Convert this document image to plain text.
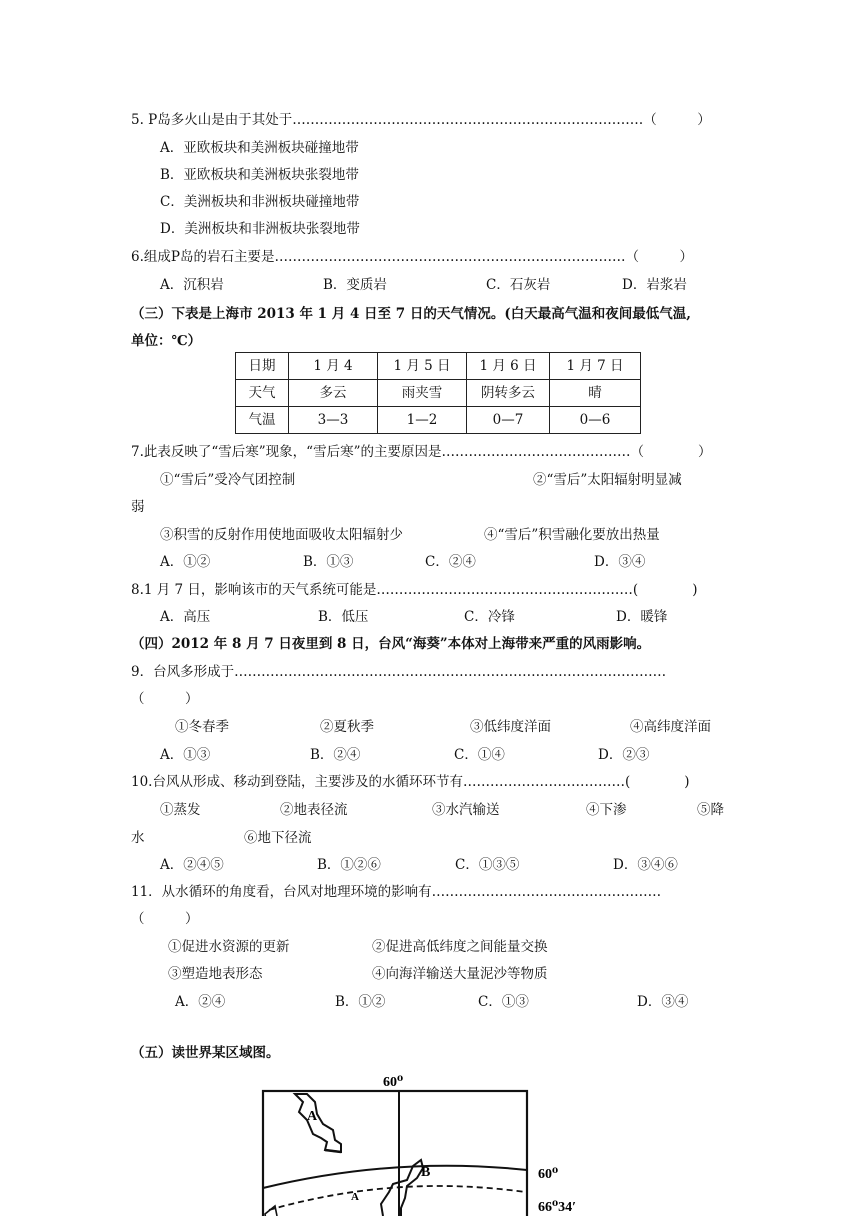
5. P岛多火山是由于其处于……………………………………………………………………（　　　）
A．亚欧板块和美洲板块碰撞地带
B．亚欧板块和美洲板块张裂地带
C．美洲板块和非洲板块碰撞地带
D．美洲板块和非洲板块张裂地带
6.组成P岛的岩石主要是……………………………………………………………………（　　　）
A．沉积岩	B．变质岩	C．石灰岩	D．岩浆岩
（三）下表是上海市 2013 年 1 月 4 日至 7 日的天气情况。(白天最高气温和夜间最低气温,
单位：℃）
日期	1 月 4	1 月 5 日	1 月 6 日	1 月 7 日
天气	多云	雨夹雪	阴转多云	晴
气温	3—3	1—2	0—7	0—6
7.此表反映了“雪后寒”现象，“雪后寒”的主要原因是……………………………………（　　　　）
①“雪后”受冷气团控制	②“雪后”太阳辐射明显减
弱
③积雪的反射作用使地面吸收太阳辐射少	④“雪后”积雪融化要放出热量
A．①②	B．①③	C．②④	D．③④
8.1 月 7 日，影响该市的天气系统可能是…………………………………………………(　　　　)
A．高压	B．低压	C．冷锋	D．暖锋
（四）2012 年 8 月 7 日夜里到 8 日，台风“海葵”本体对上海带来严重的风雨影响。
9．台风多形成于……………………………………………………………………………………
（　　　）
①冬春季	②夏秋季	③低纬度洋面	④高纬度洋面
A．①③	B．②④	C．①④	D．②③
10.台风从形成、移动到登陆，主要涉及的水循环环节有………………………………(　　　　)
①蒸发	②地表径流	③水汽输送	④下渗	⑤降
水	⑥地下径流
A．②④⑤	B．①②⑥	C．①③⑤	D．③④⑥
11．从水循环的角度看，台风对地理环境的影响有……………………………………………
（　　　）
①促进水资源的更新	②促进高低纬度之间能量交换
③塑造地表形态	④向海洋输送大量泥沙等物质
A．②④	B．①②	C．①③	D．③④
（五）读世界某区域图。
60⁰
A
B
A
60⁰
66⁰34′
